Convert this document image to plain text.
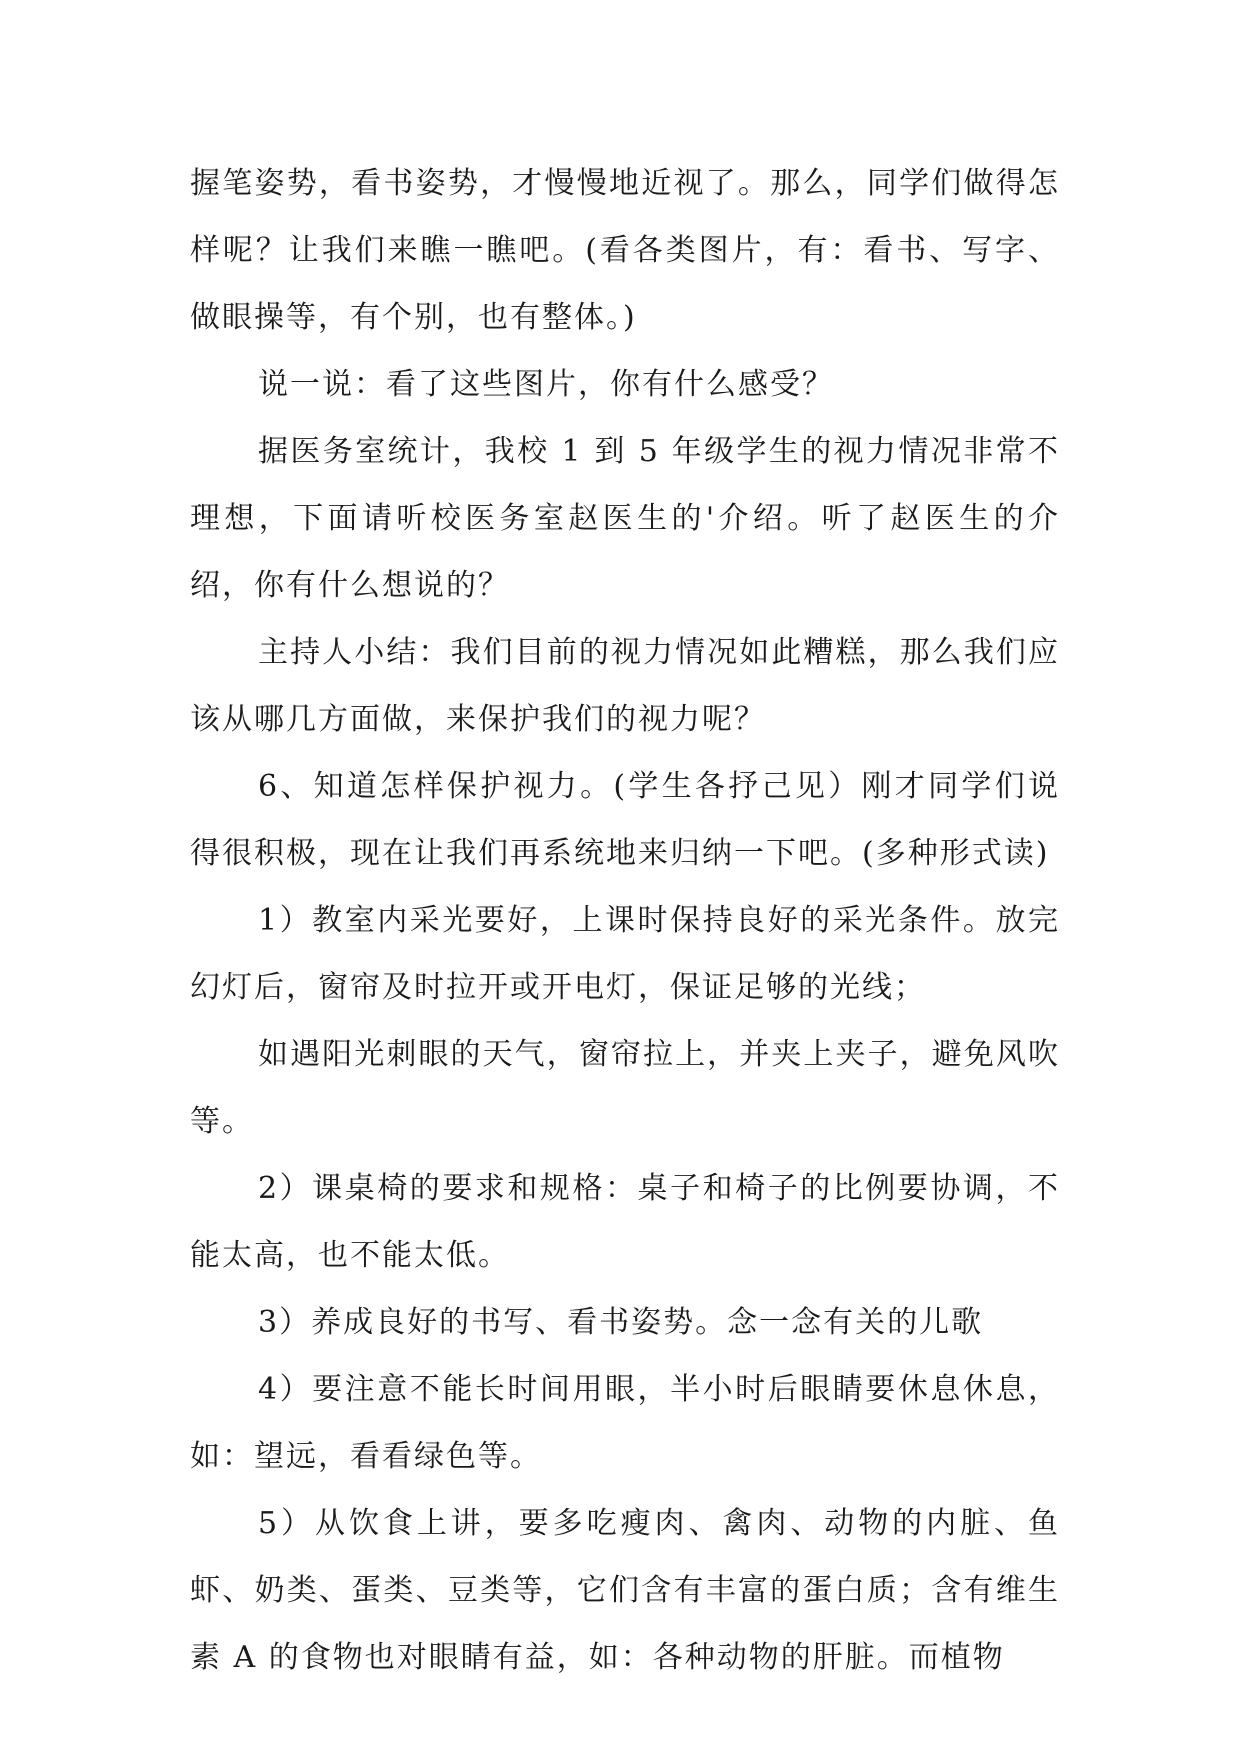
握笔姿势，看书姿势，才慢慢地近视了。那么，同学们做得怎样呢？让我们来瞧一瞧吧。(看各类图片，有：看书、写字、做眼操等，有个别，也有整体。)

说一说：看了这些图片，你有什么感受？

据医务室统计，我校 1 到 5 年级学生的视力情况非常不理想，下面请听校医务室赵医生的'介绍。听了赵医生的介绍，你有什么想说的？

主持人小结：我们目前的视力情况如此糟糕，那么我们应该从哪几方面做，来保护我们的视力呢？

6、知道怎样保护视力。(学生各抒己见）刚才同学们说得很积极，现在让我们再系统地来归纳一下吧。(多种形式读)

1）教室内采光要好，上课时保持良好的采光条件。放完幻灯后，窗帘及时拉开或开电灯，保证足够的光线；

如遇阳光刺眼的天气，窗帘拉上，并夹上夹子，避免风吹等。

2）课桌椅的要求和规格：桌子和椅子的比例要协调，不能太高，也不能太低。

3）养成良好的书写、看书姿势。念一念有关的儿歌

4）要注意不能长时间用眼，半小时后眼睛要休息休息，如：望远，看看绿色等。

5）从饮食上讲，要多吃瘦肉、禽肉、动物的内脏、鱼虾、奶类、蛋类、豆类等，它们含有丰富的蛋白质；含有维生素 A 的食物也对眼睛有益，如：各种动物的肝脏。而植物
